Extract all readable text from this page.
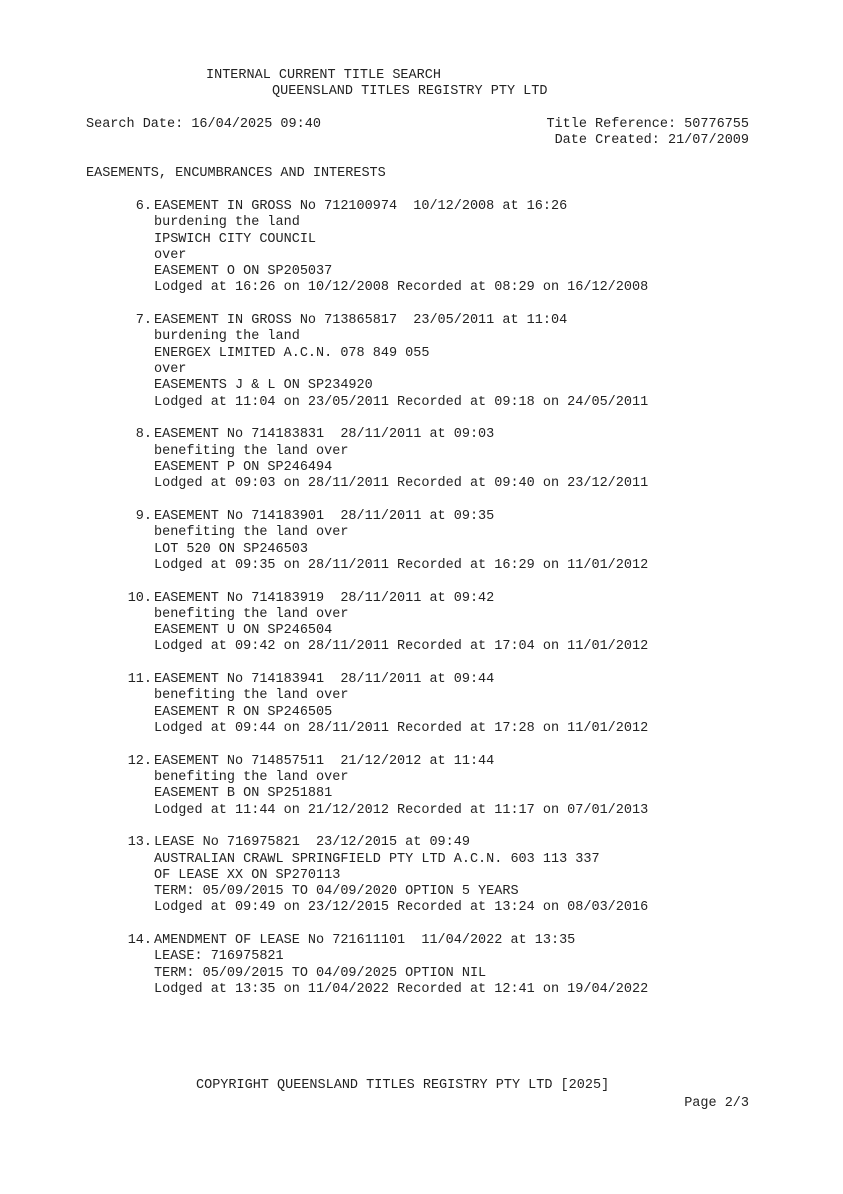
INTERNAL CURRENT TITLE SEARCH
QUEENSLAND TITLES REGISTRY PTY LTD
Search Date: 16/04/2025 09:40	Title Reference: 50776755
Date Created: 21/07/2009
EASEMENTS, ENCUMBRANCES AND INTERESTS
6. EASEMENT IN GROSS No 712100974  10/12/2008 at 16:26
burdening the land
IPSWICH CITY COUNCIL
over
EASEMENT O ON SP205037
Lodged at 16:26 on 10/12/2008 Recorded at 08:29 on 16/12/2008
7. EASEMENT IN GROSS No 713865817  23/05/2011 at 11:04
burdening the land
ENERGEX LIMITED A.C.N. 078 849 055
over
EASEMENTS J & L ON SP234920
Lodged at 11:04 on 23/05/2011 Recorded at 09:18 on 24/05/2011
8. EASEMENT No 714183831  28/11/2011 at 09:03
benefiting the land over
EASEMENT P ON SP246494
Lodged at 09:03 on 28/11/2011 Recorded at 09:40 on 23/12/2011
9. EASEMENT No 714183901  28/11/2011 at 09:35
benefiting the land over
LOT 520 ON SP246503
Lodged at 09:35 on 28/11/2011 Recorded at 16:29 on 11/01/2012
10. EASEMENT No 714183919  28/11/2011 at 09:42
benefiting the land over
EASEMENT U ON SP246504
Lodged at 09:42 on 28/11/2011 Recorded at 17:04 on 11/01/2012
11. EASEMENT No 714183941  28/11/2011 at 09:44
benefiting the land over
EASEMENT R ON SP246505
Lodged at 09:44 on 28/11/2011 Recorded at 17:28 on 11/01/2012
12. EASEMENT No 714857511  21/12/2012 at 11:44
benefiting the land over
EASEMENT B ON SP251881
Lodged at 11:44 on 21/12/2012 Recorded at 11:17 on 07/01/2013
13. LEASE No 716975821  23/12/2015 at 09:49
AUSTRALIAN CRAWL SPRINGFIELD PTY LTD A.C.N. 603 113 337
OF LEASE XX ON SP270113
TERM: 05/09/2015 TO 04/09/2020 OPTION 5 YEARS
Lodged at 09:49 on 23/12/2015 Recorded at 13:24 on 08/03/2016
14. AMENDMENT OF LEASE No 721611101  11/04/2022 at 13:35
LEASE: 716975821
TERM: 05/09/2015 TO 04/09/2025 OPTION NIL
Lodged at 13:35 on 11/04/2022 Recorded at 12:41 on 19/04/2022
COPYRIGHT QUEENSLAND TITLES REGISTRY PTY LTD [2025]
Page 2/3
